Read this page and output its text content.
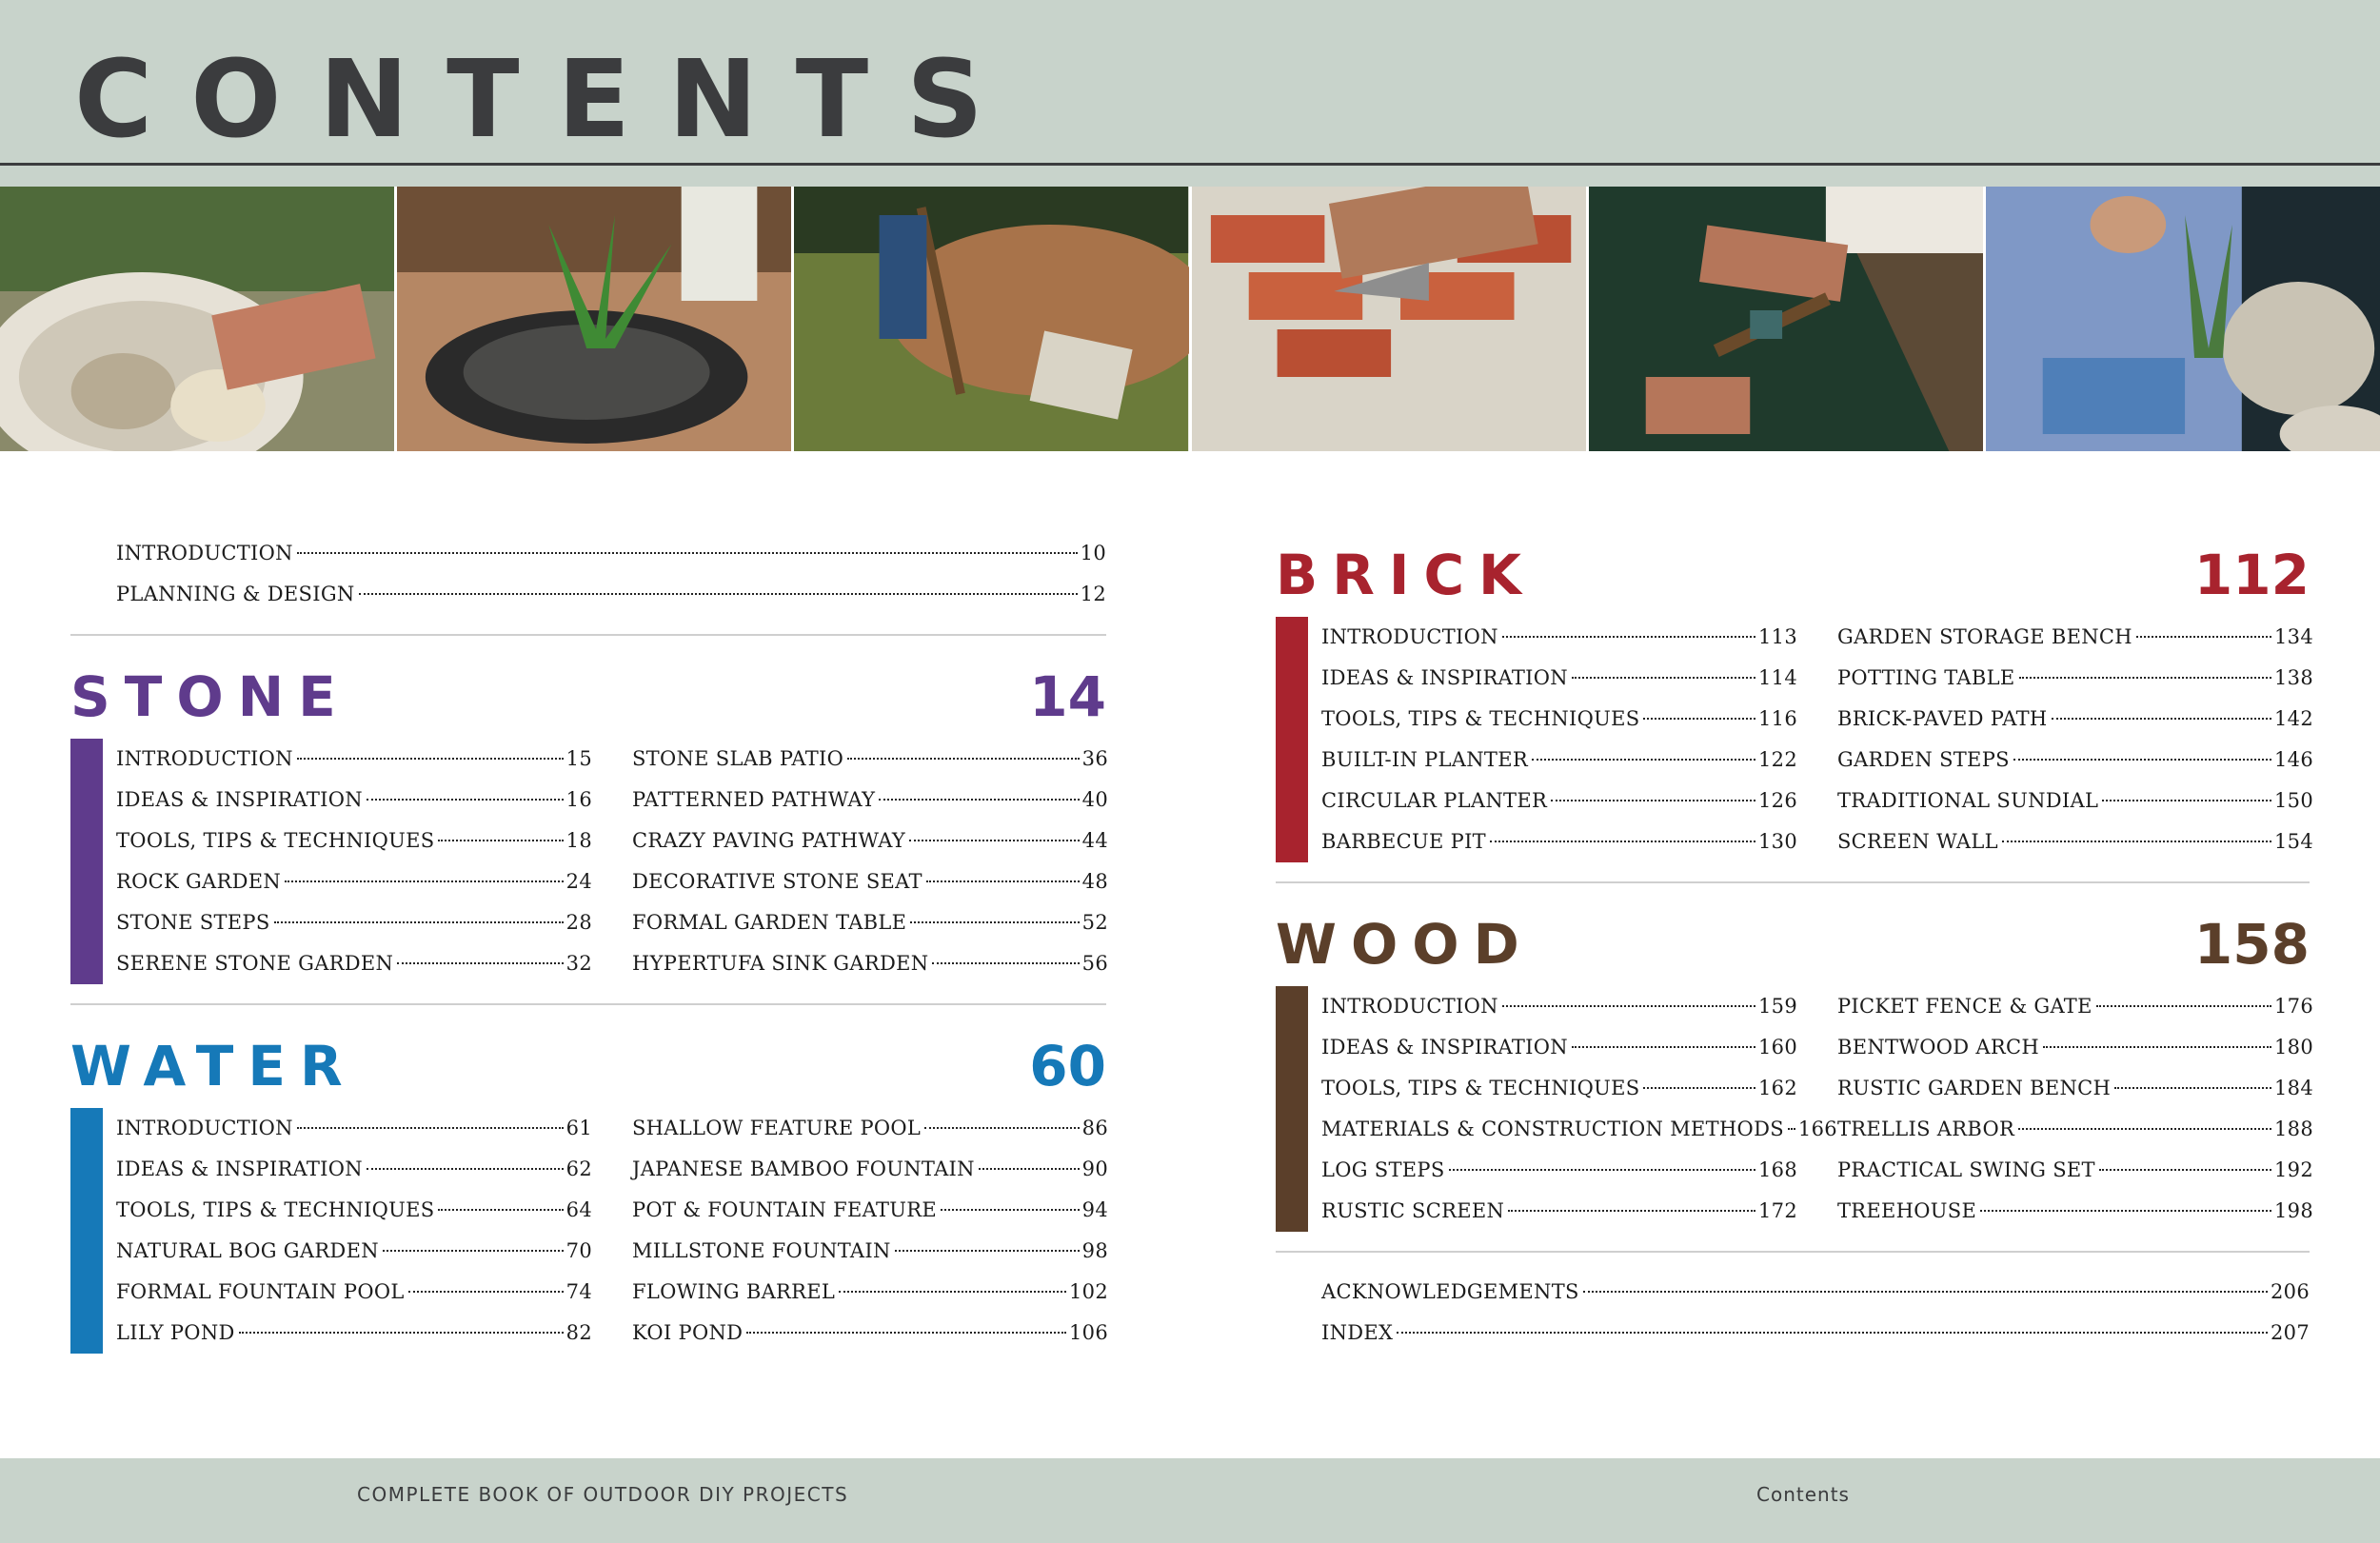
CONTENTS
INTRODUCTION	10
PLANNING & DESIGN	12
STONE	14
INTRODUCTION	15
IDEAS & INSPIRATION	16
TOOLS, TIPS & TECHNIQUES	18
ROCK GARDEN	24
STONE STEPS	28
SERENE STONE GARDEN	32
STONE SLAB PATIO	36
PATTERNED PATHWAY	40
CRAZY PAVING PATHWAY	44
DECORATIVE STONE SEAT	48
FORMAL GARDEN TABLE	52
HYPERTUFA SINK GARDEN	56
WATER	60
INTRODUCTION	61
IDEAS & INSPIRATION	62
TOOLS, TIPS & TECHNIQUES	64
NATURAL BOG GARDEN	70
FORMAL FOUNTAIN POOL	74
LILY POND	82
SHALLOW FEATURE POOL	86
JAPANESE BAMBOO FOUNTAIN	90
POT & FOUNTAIN FEATURE	94
MILLSTONE FOUNTAIN	98
FLOWING BARREL	102
KOI POND	106
BRICK	112
INTRODUCTION	113
IDEAS & INSPIRATION	114
TOOLS, TIPS & TECHNIQUES	116
BUILT-IN PLANTER	122
CIRCULAR PLANTER	126
BARBECUE PIT	130
GARDEN STORAGE BENCH	134
POTTING TABLE	138
BRICK-PAVED PATH	142
GARDEN STEPS	146
TRADITIONAL SUNDIAL	150
SCREEN WALL	154
WOOD	158
INTRODUCTION	159
IDEAS & INSPIRATION	160
TOOLS, TIPS & TECHNIQUES	162
MATERIALS & CONSTRUCTION METHODS 166
LOG STEPS	168
RUSTIC SCREEN	172
PICKET FENCE & GATE	176
BENTWOOD ARCH	180
RUSTIC GARDEN BENCH	184
TRELLIS ARBOR	188
PRACTICAL SWING SET	192
TREEHOUSE	198
ACKNOWLEDGEMENTS	206
INDEX	207
COMPLETE BOOK OF OUTDOOR DIY PROJECTS	Contents
